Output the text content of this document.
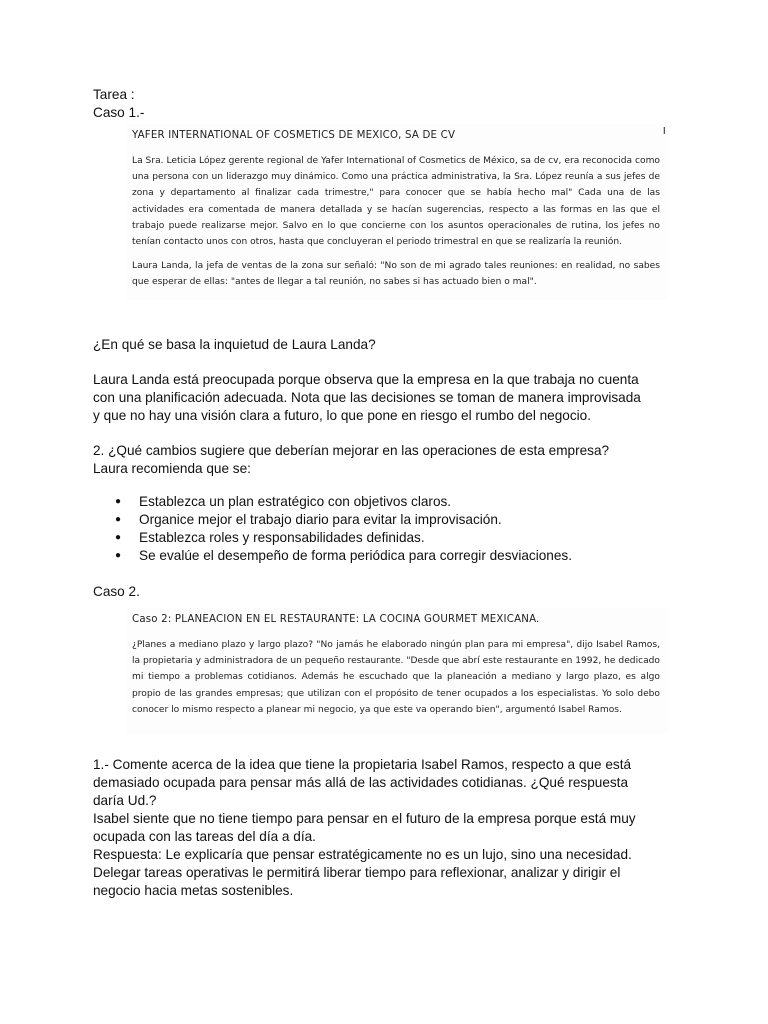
Tarea :

Caso 1.-

ı

YAFER INTERNATIONAL OF COSMETICS DE MEXICO, SA DE CV

La Sra. Leticia López gerente regional de Yafer International of Cosmetics de México, sa de cv, era reconocida como una persona con un liderazgo muy dinámico. Como una práctica administrativa, la Sra. López reunía a sus jefes de zona y departamento al finalizar cada trimestre," para conocer que se había hecho mal" Cada una de las actividades era comentada de manera detallada y se hacían sugerencias, respecto a las formas en las que el trabajo puede realizarse mejor. Salvo en lo que concierne con los asuntos operacionales de rutina, los jefes no tenían contacto unos con otros, hasta que concluyeran el periodo trimestral en que se realizaría la reunión.

Laura Landa, la jefa de ventas de la zona sur señaló: "No son de mi agrado tales reuniones: en realidad, no sabes que esperar de ellas: "antes de llegar a tal reunión, no sabes si has actuado bien o mal".

¿En qué se basa la inquietud de Laura Landa?

Laura Landa está preocupada porque observa que la empresa en la que trabaja no cuenta

con una planificación adecuada. Nota que las decisiones se toman de manera improvisada

y que no hay una visión clara a futuro, lo que pone en riesgo el rumbo del negocio.

2. ¿Qué cambios sugiere que deberían mejorar en las operaciones de esta empresa?

Laura recomienda que se:

● Establezca un plan estratégico con objetivos claros.
● Organice mejor el trabajo diario para evitar la improvisación.
● Establezca roles y responsabilidades definidas.
● Se evalúe el desempeño de forma periódica para corregir desviaciones.

Caso 2.

Caso 2: PLANEACION EN EL RESTAURANTE: LA COCINA GOURMET MEXICANA.

¿Planes a mediano plazo y largo plazo? "No jamás he elaborado ningún plan para mi empresa", dijo Isabel Ramos, la propietaria y administradora de un pequeño restaurante. "Desde que abrí este restaurante en 1992, he dedicado mi tiempo a problemas cotidianos. Además he escuchado que la planeación a mediano y largo plazo, es algo propio de las grandes empresas; que utilizan con el propósito de tener ocupados a los especialistas. Yo solo debo conocer lo mismo respecto a planear mi negocio, ya que este va operando bien", argumentó Isabel Ramos.

1.- Comente acerca de la idea que tiene la propietaria Isabel Ramos, respecto a que está

demasiado ocupada para pensar más allá de las actividades cotidianas. ¿Qué respuesta

daría Ud.?

Isabel siente que no tiene tiempo para pensar en el futuro de la empresa porque está muy

ocupada con las tareas del día a día.

Respuesta: Le explicaría que pensar estratégicamente no es un lujo, sino una necesidad.

Delegar tareas operativas le permitirá liberar tiempo para reflexionar, analizar y dirigir el

negocio hacia metas sostenibles.
